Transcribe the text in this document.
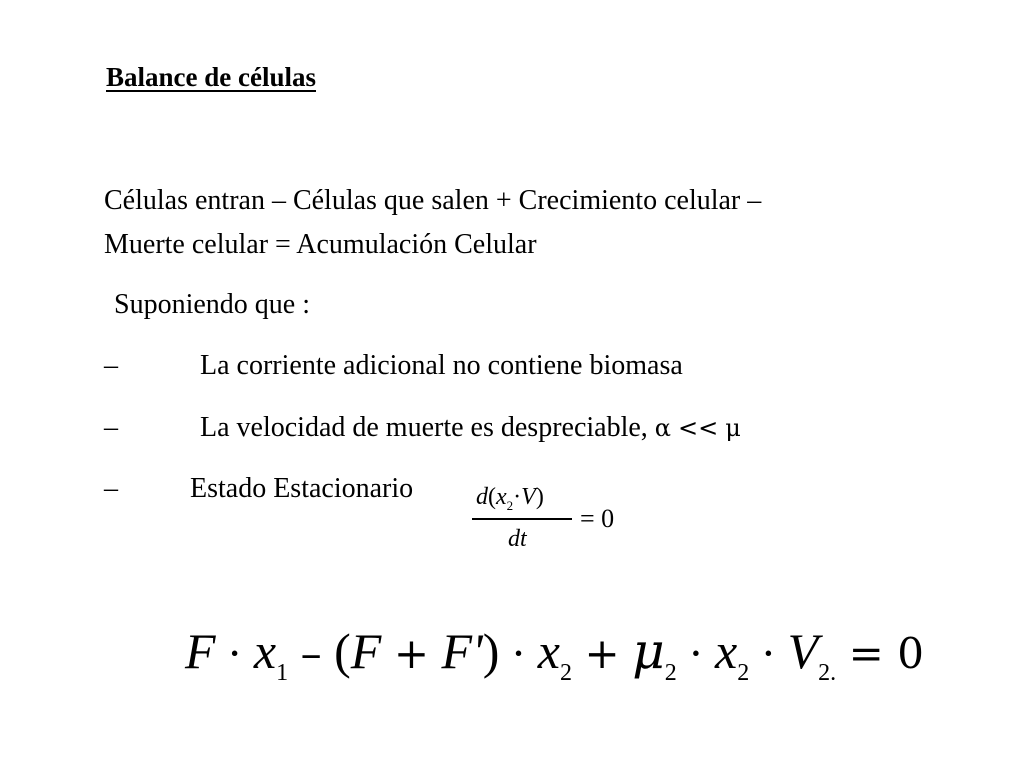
Balance de células
Células entran – Células que salen + Crecimiento celular –
Muerte celular = Acumulación Celular
Suponiendo que :
–	La corriente adicional no contiene biomasa
–	La velocidad de muerte es despreciable, α << μ
–	Estado Estacionario	$d(x_2\cdot V)$
dt
= 0
$F \cdot x_1 - (F + F') \cdot x_2 + \mu_2 \cdot x_2 \cdot V_{2.} = 0$
